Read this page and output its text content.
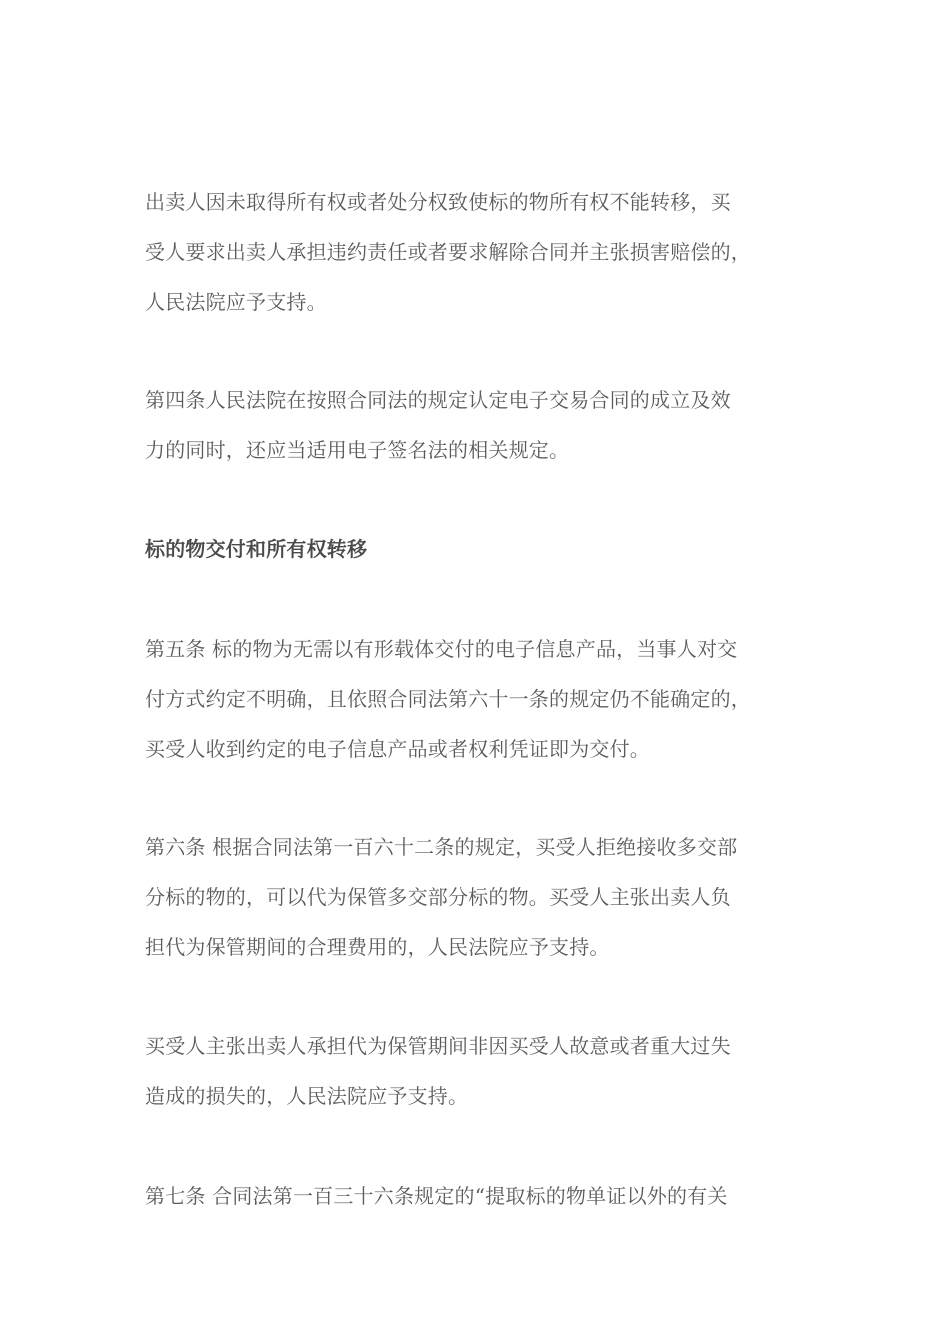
出卖人因未取得所有权或者处分权致使标的物所有权不能转移，买
受人要求出卖人承担违约责任或者要求解除合同并主张损害赔偿的，
人民法院应予支持。
第四条人民法院在按照合同法的规定认定电子交易合同的成立及效
力的同时，还应当适用电子签名法的相关规定。
标的物交付和所有权转移
第五条 标的物为无需以有形载体交付的电子信息产品，当事人对交
付方式约定不明确，且依照合同法第六十一条的规定仍不能确定的，
买受人收到约定的电子信息产品或者权利凭证即为交付。
第六条 根据合同法第一百六十二条的规定，买受人拒绝接收多交部
分标的物的，可以代为保管多交部分标的物。买受人主张出卖人负
担代为保管期间的合理费用的，人民法院应予支持。
买受人主张出卖人承担代为保管期间非因买受人故意或者重大过失
造成的损失的，人民法院应予支持。
第七条 合同法第一百三十六条规定的“提取标的物单证以外的有关
